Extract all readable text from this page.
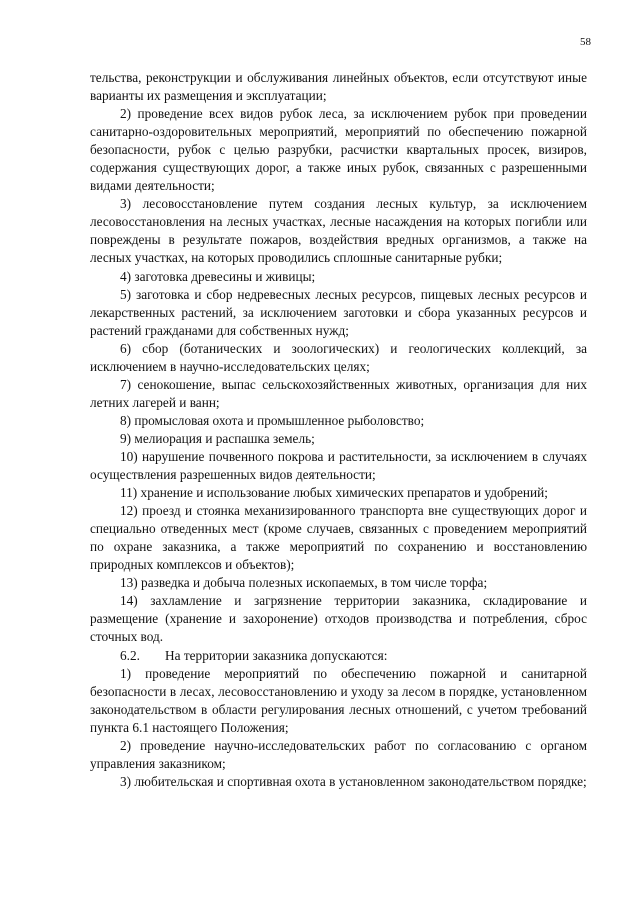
58

тельства, реконструкции и обслуживания линейных объектов, если отсутствуют иные варианты их размещения и эксплуатации;

2) проведение всех видов рубок леса, за исключением рубок при проведении санитарно-оздоровительных мероприятий, мероприятий по обеспечению пожарной безопасности, рубок с целью разрубки, расчистки квартальных просек, визиров, содержания существующих дорог, а также иных рубок, связанных с разрешенными видами деятельности;

3) лесовосстановление путем создания лесных культур, за исключением лесовосстановления на лесных участках, лесные насаждения на которых погибли или повреждены в результате пожаров, воздействия вредных организмов, а также на лесных участках, на которых проводились сплошные санитарные рубки;

4) заготовка древесины и живицы;

5) заготовка и сбор недревесных лесных ресурсов, пищевых лесных ресурсов и лекарственных растений, за исключением заготовки и сбора указанных ресурсов и растений гражданами для собственных нужд;

6) сбор (ботанических и зоологических) и геологических коллекций, за исключением в научно-исследовательских целях;

7) сенокошение, выпас сельскохозяйственных животных, организация для них летних лагерей и ванн;

8) промысловая охота и промышленное рыболовство;

9) мелиорация и распашка земель;

10) нарушение почвенного покрова и растительности, за исключением в случаях осуществления разрешенных видов деятельности;

11) хранение и использование любых химических препаратов и удобрений;

12) проезд и стоянка механизированного транспорта вне существующих дорог и специально отведенных мест (кроме случаев, связанных с проведением мероприятий по охране заказника, а также мероприятий по сохранению и восстановлению природных комплексов и объектов);

13) разведка и добыча полезных ископаемых, в том числе торфа;

14) захламление и загрязнение территории заказника, складирование и размещение (хранение и захоронение) отходов производства и потребления, сброс сточных вод.

6.2. На территории заказника допускаются:

1) проведение мероприятий по обеспечению пожарной и санитарной безопасности в лесах, лесовосстановлению и уходу за лесом в порядке, установленном законодательством в области регулирования лесных отношений, с учетом требований пункта 6.1 настоящего Положения;

2) проведение научно-исследовательских работ по согласованию с органом управления заказником;

3) любительская и спортивная охота в установленном законодательством порядке;
